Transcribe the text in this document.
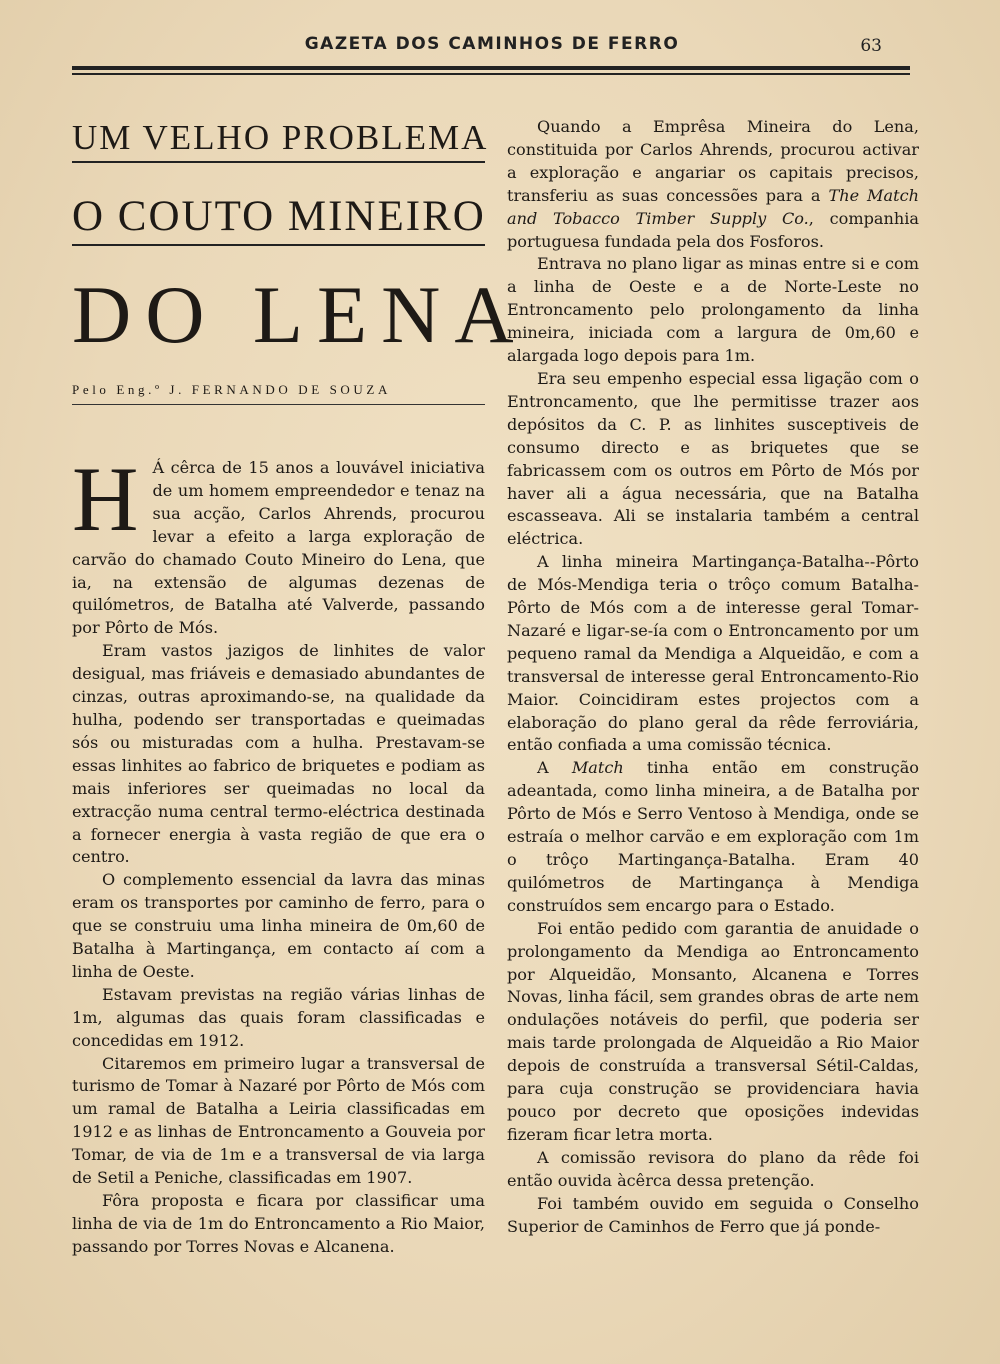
GAZETA DOS CAMINHOS DE FERRO	63
UM VELHO PROBLEMA
O COUTO MINEIRO
DO LENA
Pelo Eng.º J. FERNANDO DE SOUZA

H Á cêrca de 15 anos a louvável iniciativa de um homem empreendedor e tenaz na sua acção, Carlos Ahrends, procurou levar a efeito a larga exploração de carvão do chamado Couto Mineiro do Lena, que ia, na extensão de algumas dezenas de quilómetros, de Batalha até Valverde, passando por Pôrto de Mós.

Eram vastos jazigos de linhites de valor desigual, mas friáveis e demasiado abundantes de cinzas, outras aproximando-se, na qualidade da hulha, podendo ser transportadas e queimadas sós ou misturadas com a hulha. Prestavam-se essas linhites ao fabrico de briquetes e podiam as mais inferiores ser queimadas no local da extracção numa central termo-eléctrica destinada a fornecer energia à vasta região de que era o centro.

O complemento essencial da lavra das minas eram os transportes por caminho de ferro, para o que se construiu uma linha mineira de 0m,60 de Batalha à Martingança, em contacto aí com a linha de Oeste.

Estavam previstas na região várias linhas de 1m, algumas das quais foram classificadas e concedidas em 1912.

Citaremos em primeiro lugar a transversal de turismo de Tomar à Nazaré por Pôrto de Mós com um ramal de Batalha a Leiria classificadas em 1912 e as linhas de Entroncamento a Gouveia por Tomar, de via de 1m e a transversal de via larga de Setil a Peniche, classificadas em 1907.

Fôra proposta e ficara por classificar uma linha de via de 1m do Entroncamento a Rio Maior, passando por Torres Novas e Alcanena.

Quando a Emprêsa Mineira do Lena, constituida por Carlos Ahrends, procurou activar a exploração e angariar os capitais precisos, transferiu as suas concessões para a The Match and Tobacco Timber Supply Co., companhia portuguesa fundada pela dos Fosforos.

Entrava no plano ligar as minas entre si e com a linha de Oeste e a de Norte-Leste no Entroncamento pelo prolongamento da linha mineira, iniciada com a largura de 0m,60 e alargada logo depois para 1m.

Era seu empenho especial essa ligação com o Entroncamento, que lhe permitisse trazer aos depósitos da C. P. as linhites susceptiveis de consumo directo e as briquetes que se fabricassem com os outros em Pôrto de Mós por haver ali a água necessária, que na Batalha escasseava. Ali se instalaria também a central eléctrica.

A linha mineira Martingança-Batalha--Pôrto de Mós-Mendiga teria o trôço comum Batalha-Pôrto de Mós com a de interesse geral Tomar-Nazaré e ligar-se-ía com o Entroncamento por um pequeno ramal da Mendiga a Alqueidão, e com a transversal de interesse geral Entroncamento-Rio Maior. Coincidiram estes projectos com a elaboração do plano geral da rêde ferroviária, então confiada a uma comissão técnica.

A Match tinha então em construção adeantada, como linha mineira, a de Batalha por Pôrto de Mós e Serro Ventoso à Mendiga, onde se estraía o melhor carvão e em exploração com 1m o trôço Martingança-Batalha. Eram 40 quilómetros de Martingança à Mendiga construídos sem encargo para o Estado.

Foi então pedido com garantia de anuidade o prolongamento da Mendiga ao Entroncamento por Alqueidão, Monsanto, Alcanena e Torres Novas, linha fácil, sem grandes obras de arte nem ondulações notáveis do perfil, que poderia ser mais tarde prolongada de Alqueidão a Rio Maior depois de construída a transversal Sétil-Caldas, para cuja construção se providenciara havia pouco por decreto que oposições indevidas fizeram ficar letra morta.

A comissão revisora do plano da rêde foi então ouvida àcêrca dessa pretenção.

Foi também ouvido em seguida o Conselho Superior de Caminhos de Ferro que já ponde-
